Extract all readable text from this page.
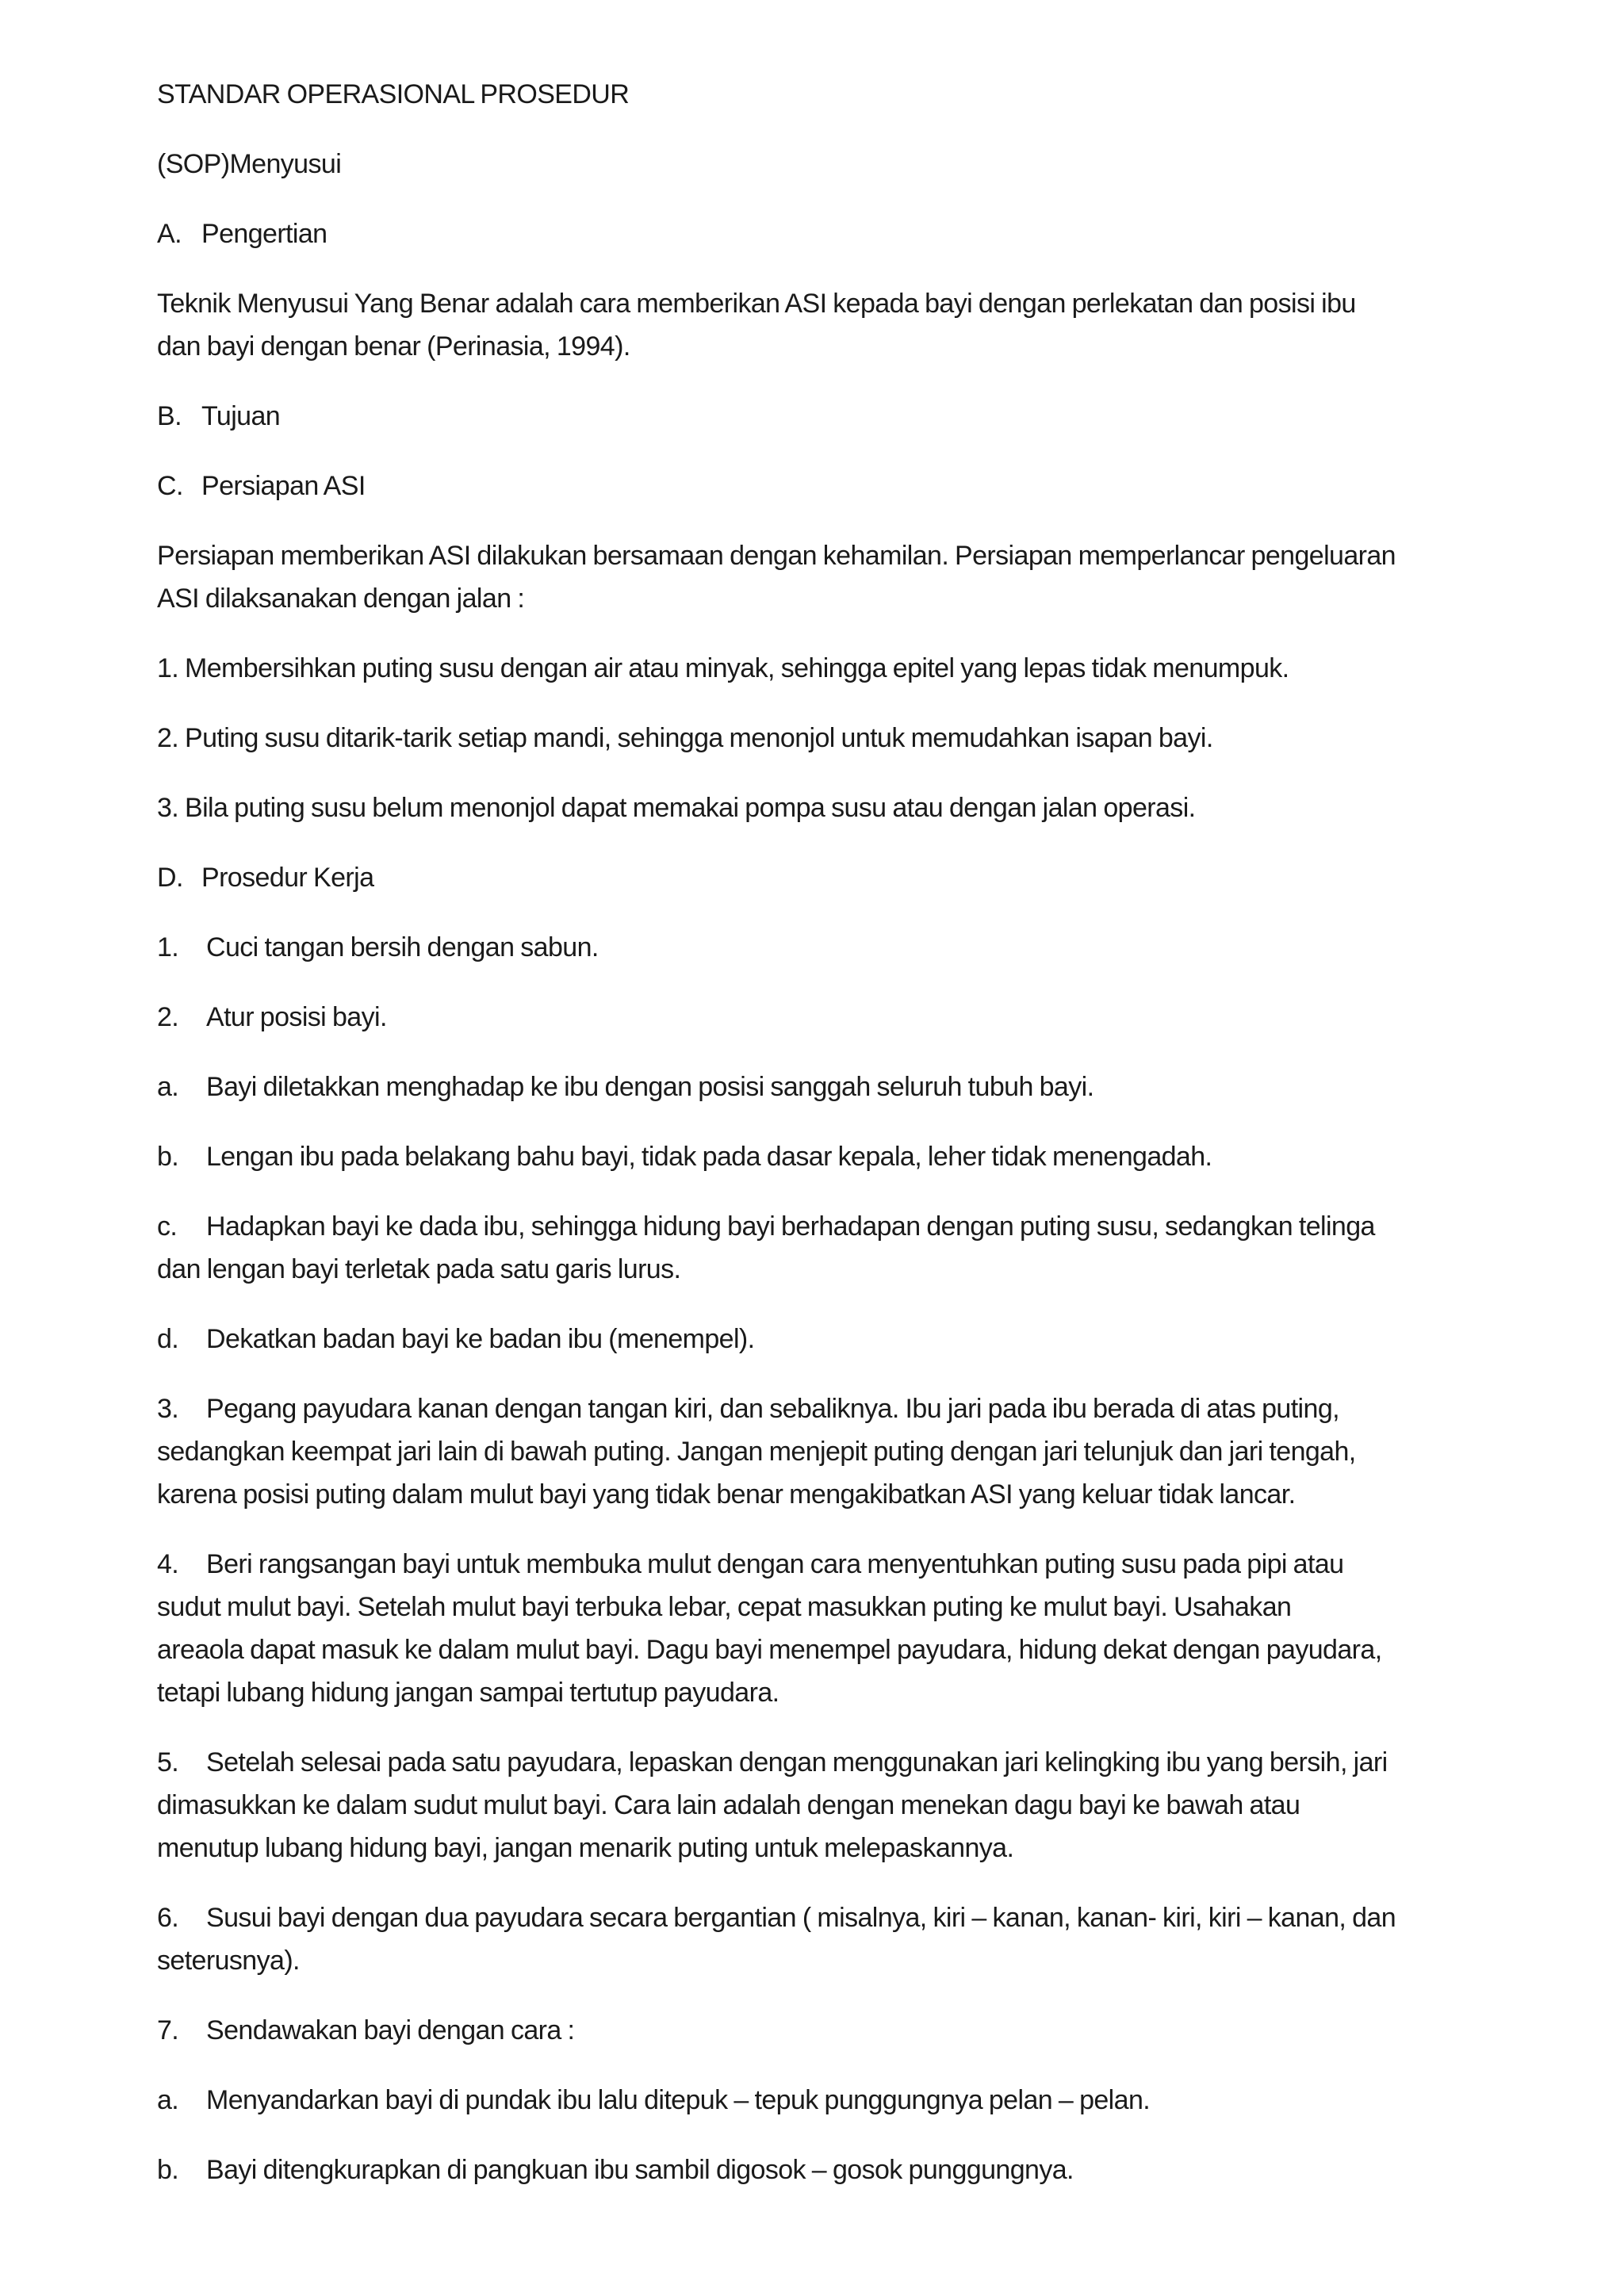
STANDAR OPERASIONAL PROSEDUR

(SOP)Menyusui

A. Pengertian

Teknik Menyusui Yang Benar adalah cara memberikan ASI kepada bayi dengan perlekatan dan posisi ibu

dan bayi dengan benar (Perinasia, 1994).

B. Tujuan

C. Persiapan ASI

Persiapan memberikan ASI dilakukan bersamaan dengan kehamilan. Persiapan memperlancar pengeluaran

ASI dilaksanakan dengan jalan :

1. Membersihkan puting susu dengan air atau minyak, sehingga epitel yang lepas tidak menumpuk.

2. Puting susu ditarik-tarik setiap mandi, sehingga menonjol untuk memudahkan isapan bayi.

3. Bila puting susu belum menonjol dapat memakai pompa susu atau dengan jalan operasi.

D. Prosedur Kerja

1. Cuci tangan bersih dengan sabun.

2. Atur posisi bayi.

a. Bayi diletakkan menghadap ke ibu dengan posisi sanggah seluruh tubuh bayi.

b. Lengan ibu pada belakang bahu bayi, tidak pada dasar kepala, leher tidak menengadah.

c. Hadapkan bayi ke dada ibu, sehingga hidung bayi berhadapan dengan puting susu, sedangkan telinga

dan lengan bayi terletak pada satu garis lurus.

d. Dekatkan badan bayi ke badan ibu (menempel).

3. Pegang payudara kanan dengan tangan kiri, dan sebaliknya. Ibu jari pada ibu berada di atas puting,

sedangkan keempat jari lain di bawah puting. Jangan menjepit puting dengan jari telunjuk dan jari tengah,

karena posisi puting dalam mulut bayi yang tidak benar mengakibatkan ASI yang keluar tidak lancar.

4. Beri rangsangan bayi untuk membuka mulut dengan cara menyentuhkan puting susu pada pipi atau

sudut mulut bayi. Setelah mulut bayi terbuka lebar, cepat masukkan puting ke mulut bayi. Usahakan

areaola dapat masuk ke dalam mulut bayi. Dagu bayi menempel payudara, hidung dekat dengan payudara,

tetapi lubang hidung jangan sampai tertutup payudara.

5. Setelah selesai pada satu payudara, lepaskan dengan menggunakan jari kelingking ibu yang bersih, jari

dimasukkan ke dalam sudut mulut bayi. Cara lain adalah dengan menekan dagu bayi ke bawah atau

menutup lubang hidung bayi, jangan menarik puting untuk melepaskannya.

6. Susui bayi dengan dua payudara secara bergantian ( misalnya, kiri – kanan, kanan- kiri, kiri – kanan, dan

seterusnya).

7. Sendawakan bayi dengan cara :

a. Menyandarkan bayi di pundak ibu lalu ditepuk – tepuk punggungnya pelan – pelan.

b. Bayi ditengkurapkan di pangkuan ibu sambil digosok – gosok punggungnya.
